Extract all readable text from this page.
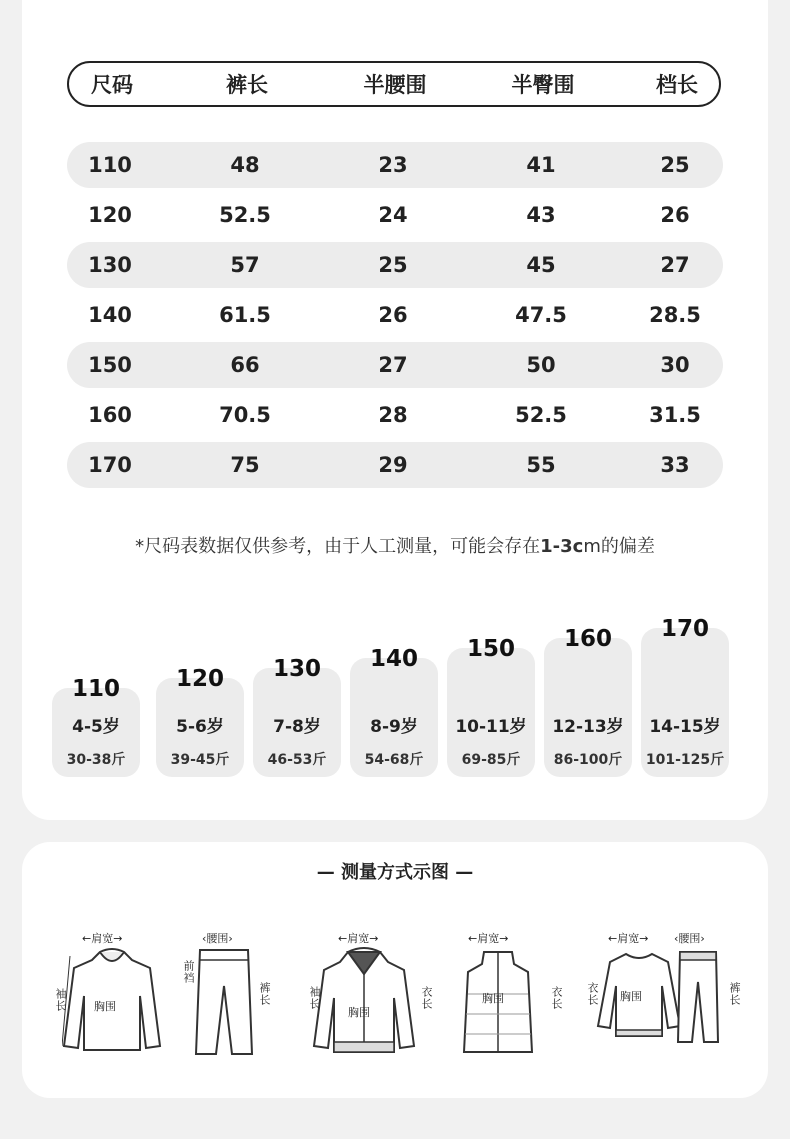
尺码	裤长	半腰围	半臀围	档长
110	48	23	41	25
120	52.5	24	43	26
130	57	25	45	27
140	61.5	26	47.5	28.5
150	66	27	50	30
160	70.5	28	52.5	31.5
170	75	29	55	33
*尺码表数据仅供参考，由于人工测量，可能会存在1-3cm的偏差
110
4-5岁
30-38斤
120
5-6岁
39-45斤
130
7-8岁
46-53斤
140
8-9岁
54-68斤
150
10-11岁
69-85斤
160
12-13岁
86-100斤
170
14-15岁
101-125斤
— 测量方式示图 —
←肩宽→
袖长 胸围
‹腰围›
前裆
裤长
←肩宽→
袖长	衣长
胸围
←肩宽→
衣长
胸围
←肩宽→
衣长 胸围
‹腰围›
裤长
